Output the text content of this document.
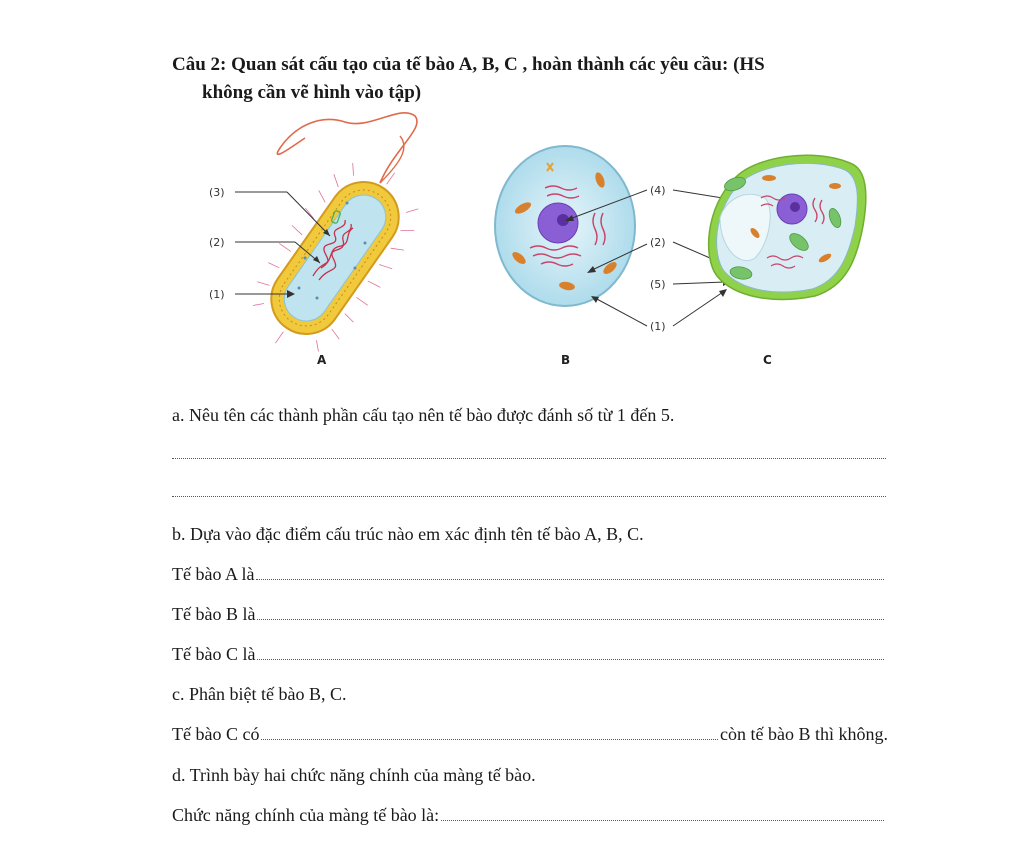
Câu 2: Quan sát cấu tạo của tế bào A, B, C , hoàn thành các yêu cầu: (HS
không cần vẽ hình vào tập)
(3)
(2)
(1)
A	B
(4)
(2)
(5)
(1)
C
a. Nêu tên các thành phần cấu tạo nên tế bào được đánh số từ 1 đến 5.
b. Dựa vào đặc điểm cấu trúc nào em xác định tên tế bào A, B, C.
Tế bào A là
Tế bào B là
Tế bào C là
c. Phân biệt tế bào B, C.
Tế bào C có	còn tế bào B thì không.
d. Trình bày hai chức năng chính của màng tế bào.
Chức năng chính của màng tế bào là:
